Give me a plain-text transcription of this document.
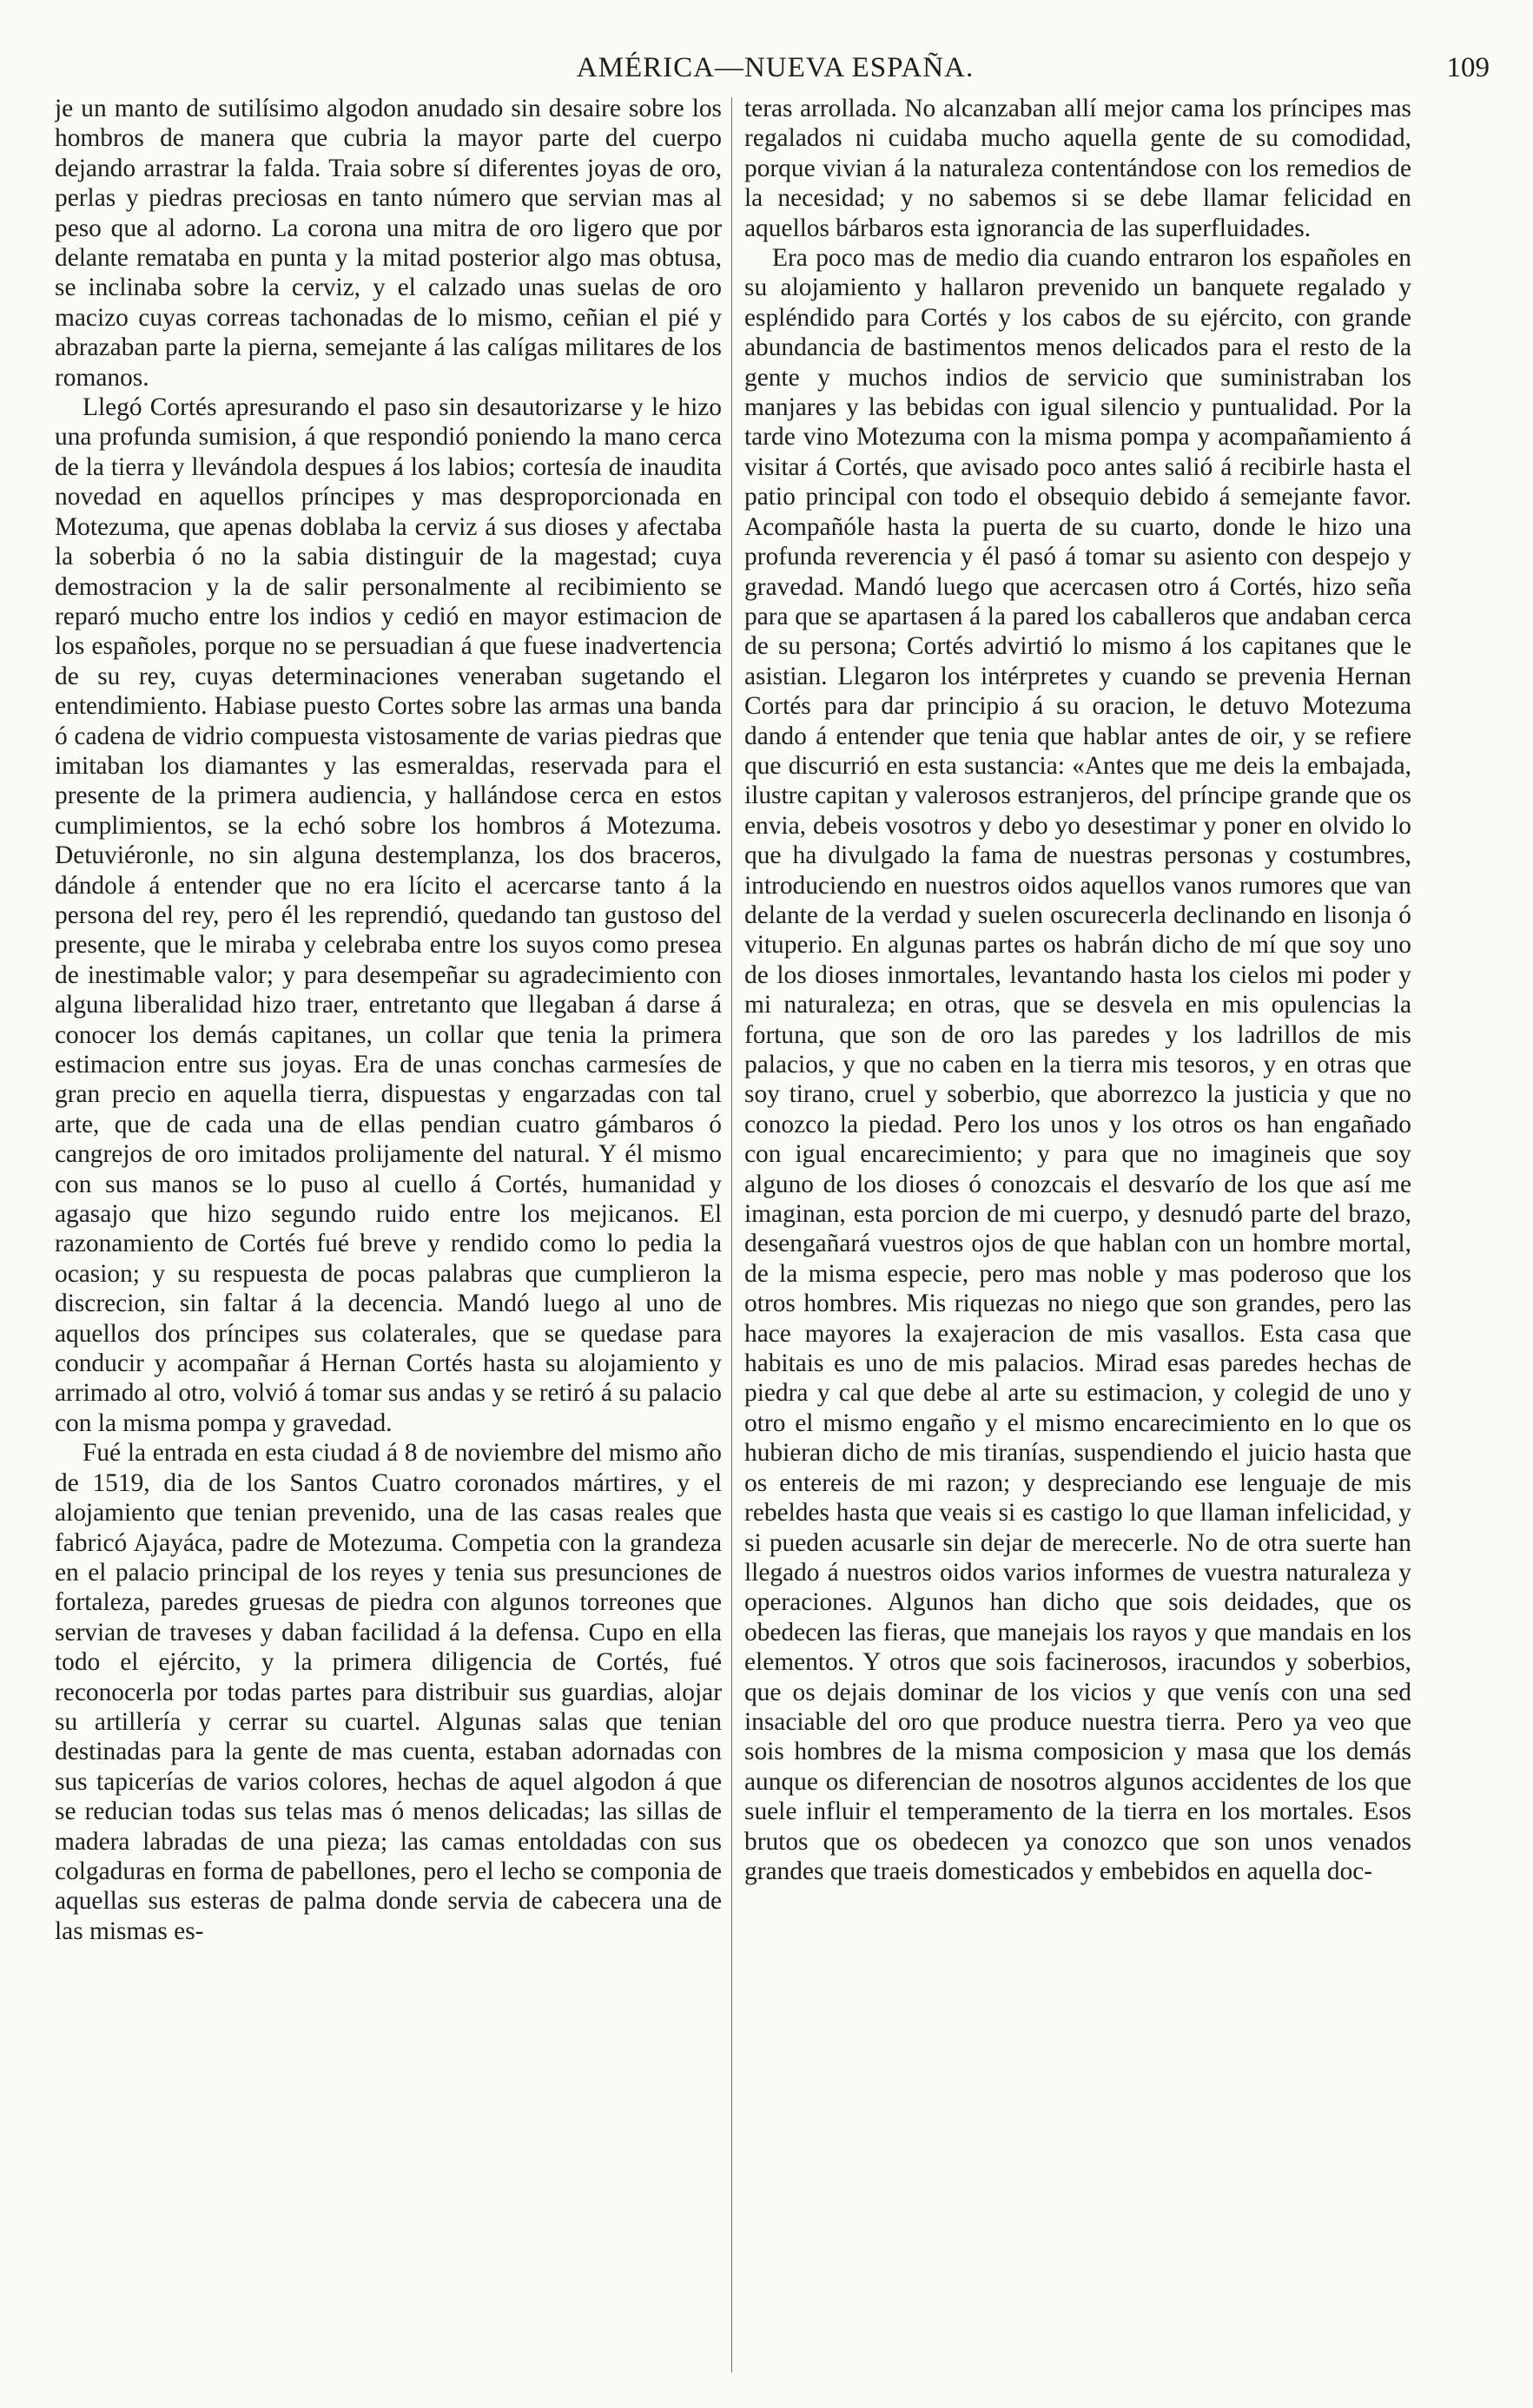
AMÉRICA—NUEVA ESPAÑA.	109

je un manto de sutilísimo algodon anudado sin desaire sobre los hombros de manera que cubria la mayor parte del cuerpo dejando arrastrar la falda. Traia sobre sí diferentes joyas de oro, perlas y piedras preciosas en tanto número que servian mas al peso que al adorno. La corona una mitra de oro ligero que por delante remataba en punta y la mitad posterior algo mas obtusa, se inclinaba sobre la cerviz, y el calzado unas suelas de oro macizo cuyas correas tachonadas de lo mismo, ceñian el pié y abrazaban parte la pierna, semejante á las calígas militares de los romanos.

Llegó Cortés apresurando el paso sin desautorizarse y le hizo una profunda sumision, á que respondió poniendo la mano cerca de la tierra y llevándola despues á los labios; cortesía de inaudita novedad en aquellos príncipes y mas desproporcionada en Motezuma, que apenas doblaba la cerviz á sus dioses y afectaba la soberbia ó no la sabia distinguir de la magestad; cuya demostracion y la de salir personalmente al recibimiento se reparó mucho entre los indios y cedió en mayor estimacion de los españoles, porque no se persuadian á que fuese inadvertencia de su rey, cuyas determinaciones veneraban sugetando el entendimiento. Habiase puesto Cortes sobre las armas una banda ó cadena de vidrio compuesta vistosamente de varias piedras que imitaban los diamantes y las esmeraldas, reservada para el presente de la primera audiencia, y hallándose cerca en estos cumplimientos, se la echó sobre los hombros á Motezuma. Detuviéronle, no sin alguna destemplanza, los dos braceros, dándole á entender que no era lícito el acercarse tanto á la persona del rey, pero él les reprendió, quedando tan gustoso del presente, que le miraba y celebraba entre los suyos como presea de inestimable valor; y para desempeñar su agradecimiento con alguna liberalidad hizo traer, entretanto que llegaban á darse á conocer los demás capitanes, un collar que tenia la primera estimacion entre sus joyas. Era de unas conchas carmesíes de gran precio en aquella tierra, dispuestas y engarzadas con tal arte, que de cada una de ellas pendian cuatro gámbaros ó cangrejos de oro imitados prolijamente del natural. Y él mismo con sus manos se lo puso al cuello á Cortés, humanidad y agasajo que hizo segundo ruido entre los mejicanos. El razonamiento de Cortés fué breve y rendido como lo pedia la ocasion; y su respuesta de pocas palabras que cumplieron la discrecion, sin faltar á la decencia. Mandó luego al uno de aquellos dos príncipes sus colaterales, que se quedase para conducir y acompañar á Hernan Cortés hasta su alojamiento y arrimado al otro, volvió á tomar sus andas y se retiró á su palacio con la misma pompa y gravedad.

Fué la entrada en esta ciudad á 8 de noviembre del mismo año de 1519, dia de los Santos Cuatro coronados mártires, y el alojamiento que tenian prevenido, una de las casas reales que fabricó Ajayáca, padre de Motezuma. Competia con la grandeza en el palacio principal de los reyes y tenia sus presunciones de fortaleza, paredes gruesas de piedra con algunos torreones que servian de traveses y daban facilidad á la defensa. Cupo en ella todo el ejército, y la primera diligencia de Cortés, fué reconocerla por todas partes para distribuir sus guardias, alojar su artillería y cerrar su cuartel. Algunas salas que tenian destinadas para la gente de mas cuenta, estaban adornadas con sus tapicerías de varios colores, hechas de aquel algodon á que se reducian todas sus telas mas ó menos delicadas; las sillas de madera labradas de una pieza; las camas entoldadas con sus colgaduras en forma de pabellones, pero el lecho se componia de aquellas sus esteras de palma donde servia de cabecera una de las mismas es-

teras arrollada. No alcanzaban allí mejor cama los príncipes mas regalados ni cuidaba mucho aquella gente de su comodidad, porque vivian á la naturaleza contentándose con los remedios de la necesidad; y no sabemos si se debe llamar felicidad en aquellos bárbaros esta ignorancia de las superfluidades.

Era poco mas de medio dia cuando entraron los españoles en su alojamiento y hallaron prevenido un banquete regalado y espléndido para Cortés y los cabos de su ejército, con grande abundancia de bastimentos menos delicados para el resto de la gente y muchos indios de servicio que suministraban los manjares y las bebidas con igual silencio y puntualidad. Por la tarde vino Motezuma con la misma pompa y acompañamiento á visitar á Cortés, que avisado poco antes salió á recibirle hasta el patio principal con todo el obsequio debido á semejante favor. Acompañóle hasta la puerta de su cuarto, donde le hizo una profunda reverencia y él pasó á tomar su asiento con despejo y gravedad. Mandó luego que acercasen otro á Cortés, hizo seña para que se apartasen á la pared los caballeros que andaban cerca de su persona; Cortés advirtió lo mismo á los capitanes que le asistian. Llegaron los intérpretes y cuando se prevenia Hernan Cortés para dar principio á su oracion, le detuvo Motezuma dando á entender que tenia que hablar antes de oir, y se refiere que discurrió en esta sustancia: «Antes que me deis la embajada, ilustre capitan y valerosos estranjeros, del príncipe grande que os envia, debeis vosotros y debo yo desestimar y poner en olvido lo que ha divulgado la fama de nuestras personas y costumbres, introduciendo en nuestros oidos aquellos vanos rumores que van delante de la verdad y suelen oscurecerla declinando en lisonja ó vituperio. En algunas partes os habrán dicho de mí que soy uno de los dioses inmortales, levantando hasta los cielos mi poder y mi naturaleza; en otras, que se desvela en mis opulencias la fortuna, que son de oro las paredes y los ladrillos de mis palacios, y que no caben en la tierra mis tesoros, y en otras que soy tirano, cruel y soberbio, que aborrezco la justicia y que no conozco la piedad. Pero los unos y los otros os han engañado con igual encarecimiento; y para que no imagineis que soy alguno de los dioses ó conozcais el desvarío de los que así me imaginan, esta porcion de mi cuerpo, y desnudó parte del brazo, desengañará vuestros ojos de que hablan con un hombre mortal, de la misma especie, pero mas noble y mas poderoso que los otros hombres. Mis riquezas no niego que son grandes, pero las hace mayores la exajeracion de mis vasallos. Esta casa que habitais es uno de mis palacios. Mirad esas paredes hechas de piedra y cal que debe al arte su estimacion, y colegid de uno y otro el mismo engaño y el mismo encarecimiento en lo que os hubieran dicho de mis tiranías, suspendiendo el juicio hasta que os entereis de mi razon; y despreciando ese lenguaje de mis rebeldes hasta que veais si es castigo lo que llaman infelicidad, y si pueden acusarle sin dejar de merecerle. No de otra suerte han llegado á nuestros oidos varios informes de vuestra naturaleza y operaciones. Algunos han dicho que sois deidades, que os obedecen las fieras, que manejais los rayos y que mandais en los elementos. Y otros que sois facinerosos, iracundos y soberbios, que os dejais dominar de los vicios y que venís con una sed insaciable del oro que produce nuestra tierra. Pero ya veo que sois hombres de la misma composicion y masa que los demás aunque os diferencian de nosotros algunos accidentes de los que suele influir el temperamento de la tierra en los mortales. Esos brutos que os obedecen ya conozco que son unos venados grandes que traeis domesticados y embebidos en aquella doc-
